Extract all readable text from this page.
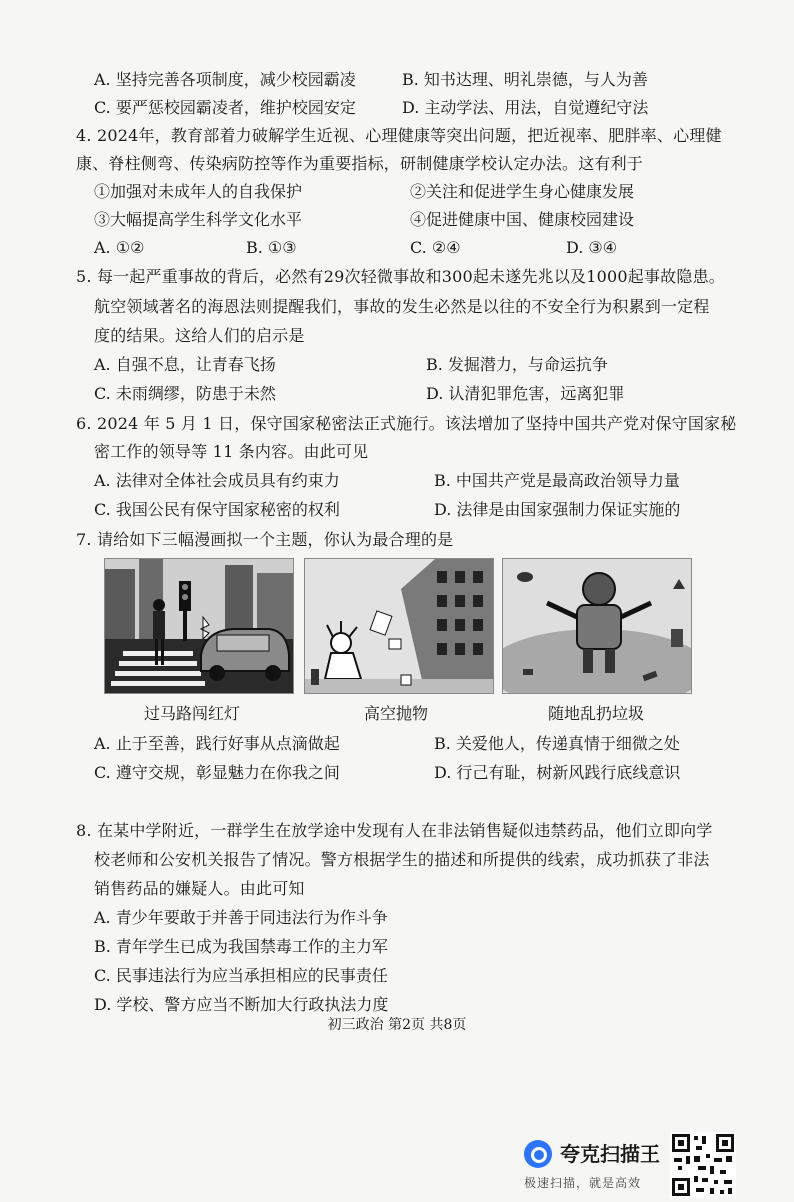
A. 坚持完善各项制度，减少校园霸凌	B. 知书达理、明礼崇德，与人为善
C. 要严惩校园霸凌者，维护校园安定	D. 主动学法、用法，自觉遵纪守法
4. 2024年，教育部着力破解学生近视、心理健康等突出问题，把近视率、肥胖率、心理健
康、脊柱侧弯、传染病防控等作为重要指标，研制健康学校认定办法。这有利于
①加强对未成年人的自我保护	②关注和促进学生身心健康发展
③大幅提高学生科学文化水平	④促进健康中国、健康校园建设
A. ①②	B. ①③	C. ②④	D. ③④
5. 每一起严重事故的背后，必然有29次轻微事故和300起未遂先兆以及1000起事故隐患。
航空领域著名的海恩法则提醒我们，事故的发生必然是以往的不安全行为积累到一定程
度的结果。这给人们的启示是
A. 自强不息，让青春飞扬	B. 发掘潜力，与命运抗争
C. 未雨绸缪，防患于未然	D. 认清犯罪危害，远离犯罪
6. 2024 年 5 月 1 日，保守国家秘密法正式施行。该法增加了坚持中国共产党对保守国家秘
密工作的领导等 11 条内容。由此可见
A. 法律对全体社会成员具有约束力	B. 中国共产党是最高政治领导力量
C. 我国公民有保守国家秘密的权利	D. 法律是由国家强制力保证实施的
7. 请给如下三幅漫画拟一个主题，你认为最合理的是
过马路闯红灯	高空抛物	随地乱扔垃圾
A. 止于至善，践行好事从点滴做起	B. 关爱他人，传递真情于细微之处
C. 遵守交规，彰显魅力在你我之间	D. 行己有耻，树新风践行底线意识
8. 在某中学附近，一群学生在放学途中发现有人在非法销售疑似违禁药品，他们立即向学
校老师和公安机关报告了情况。警方根据学生的描述和所提供的线索，成功抓获了非法
销售药品的嫌疑人。由此可知
A. 青少年要敢于并善于同违法行为作斗争
B. 青年学生已成为我国禁毒工作的主力军
C. 民事违法行为应当承担相应的民事责任
D. 学校、警方应当不断加大行政执法力度
初三政治 第2页 共8页
夸克扫描王
极速扫描，就是高效
